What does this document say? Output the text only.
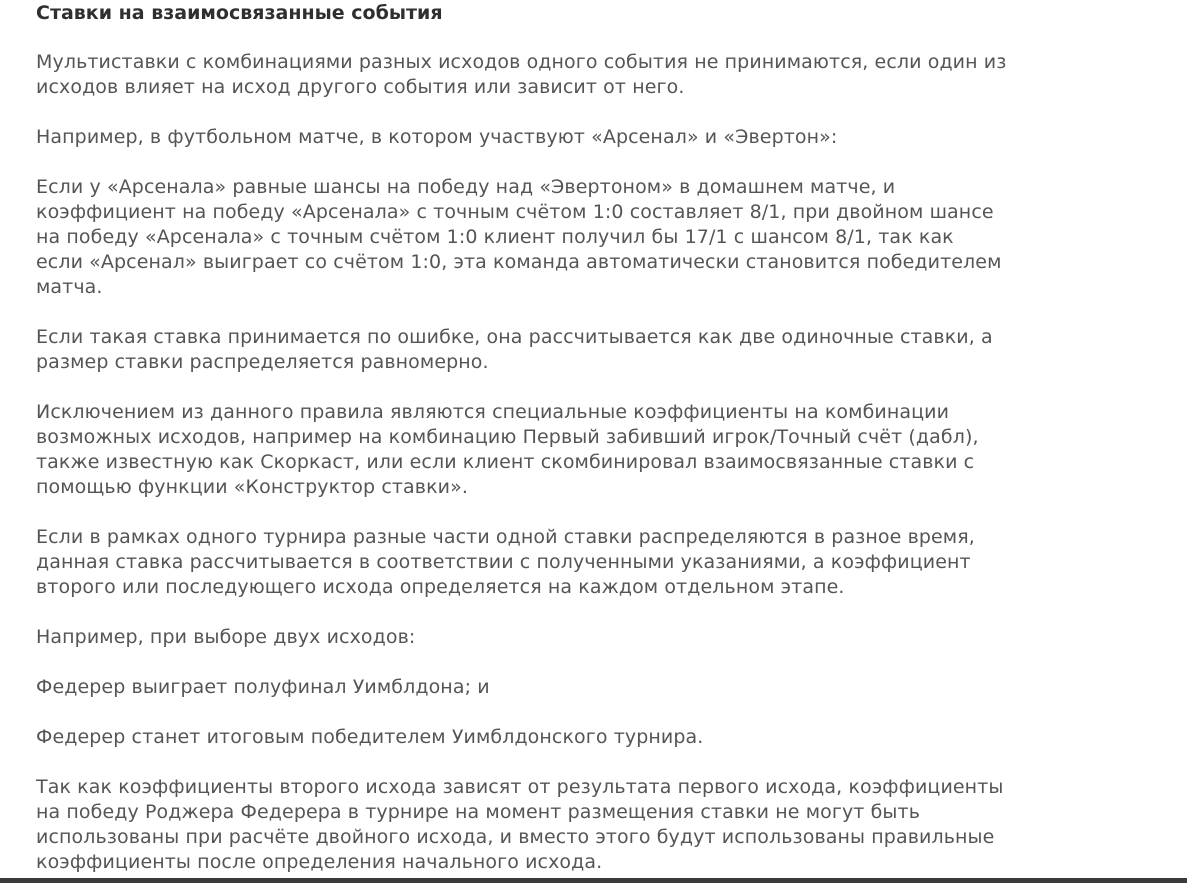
Ставки на взаимосвязанные события

Мультиставки с комбинациями разных исходов одного события не принимаются, если один из
исходов влияет на исход другого события или зависит от него.

Например, в футбольном матче, в котором участвуют «Арсенал» и «Эвертон»:

Если у «Арсенала» равные шансы на победу над «Эвертоном» в домашнем матче, и
коэффициент на победу «Арсенала» с точным счётом 1:0 составляет 8/1, при двойном шансе
на победу «Арсенала» с точным счётом 1:0 клиент получил бы 17/1 с шансом 8/1, так как
если «Арсенал» выиграет со счётом 1:0, эта команда автоматически становится победителем
матча.

Если такая ставка принимается по ошибке, она рассчитывается как две одиночные ставки, а
размер ставки распределяется равномерно.

Исключением из данного правила являются специальные коэффициенты на комбинации
возможных исходов, например на комбинацию Первый забивший игрок/Точный счёт (дабл),
также известную как Скоркаст, или если клиент скомбинировал взаимосвязанные ставки с
помощью функции «Конструктор ставки».

Если в рамках одного турнира разные части одной ставки распределяются в разное время,
данная ставка рассчитывается в соответствии с полученными указаниями, а коэффициент
второго или последующего исхода определяется на каждом отдельном этапе.

Например, при выборе двух исходов:

Федерер выиграет полуфинал Уимблдона; и

Федерер станет итоговым победителем Уимблдонского турнира.

Так как коэффициенты второго исхода зависят от результата первого исхода, коэффициенты
на победу Роджера Федерера в турнире на момент размещения ставки не могут быть
использованы при расчёте двойного исхода, и вместо этого будут использованы правильные
коэффициенты после определения начального исхода.
